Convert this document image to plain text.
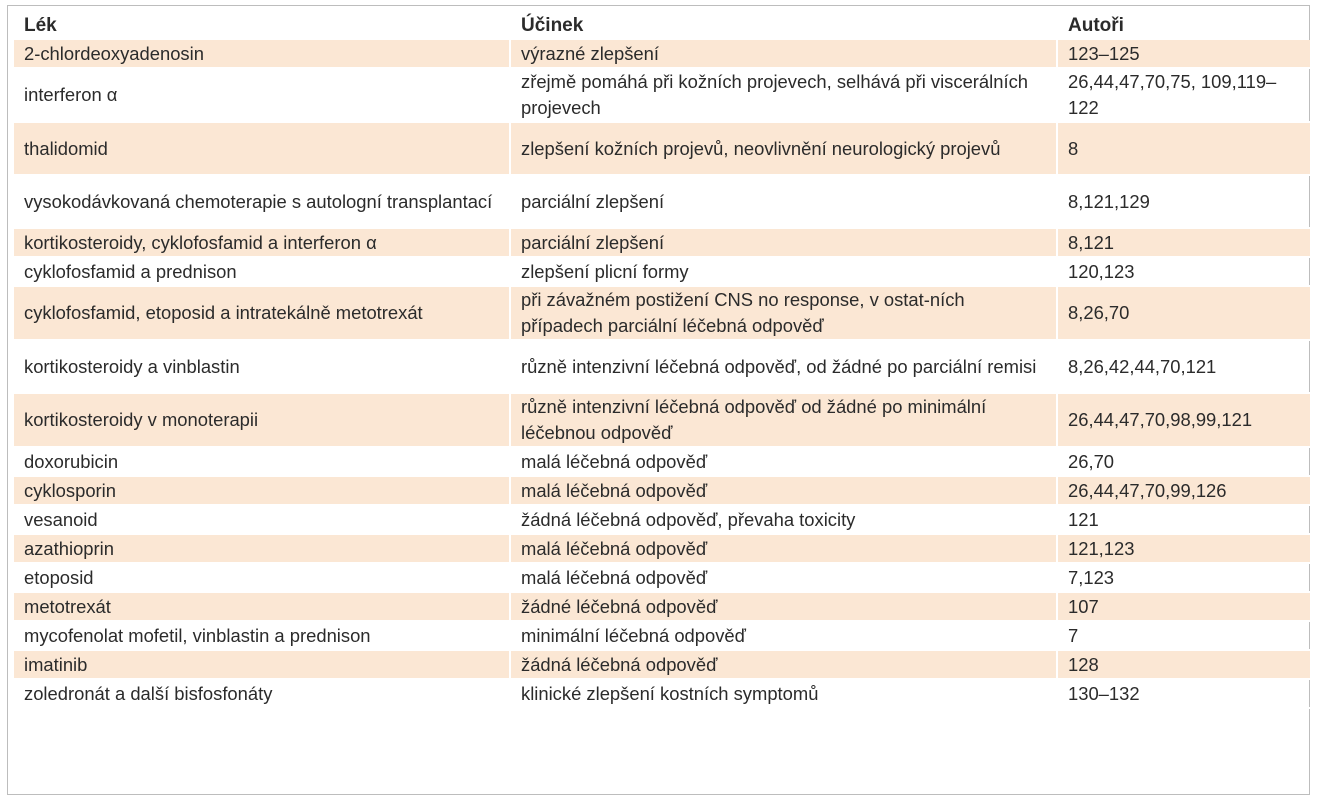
Lék	Účinek	Autoři
2-chlordeoxyadenosin	výrazné zlepšení	123–125
interferon α	zřejmě pomáhá při kožních projevech, selhává při viscerálních projevech	26,44,47,70,75, 109,119–122
thalidomid	zlepšení kožních projevů, neovlivnění neurologický projevů	8
vysokodávkovaná chemoterapie s autologní transplantací	parciální zlepšení	8,121,129
kortikosteroidy, cyklofosfamid a interferon α	parciální zlepšení	8,121
cyklofosfamid a prednison	zlepšení plicní formy	120,123
cyklofosfamid, etoposid a intratekálně metotrexát	při závažném postižení CNS no response, v ostat-ních případech parciální léčebná odpověď	8,26,70
kortikosteroidy a vinblastin	různě intenzivní léčebná odpověď, od žádné po parciální remisi	8,26,42,44,70,121
kortikosteroidy v monoterapii	různě intenzivní léčebná odpověď od žádné po minimální léčebnou odpověď	26,44,47,70,98,99,121
doxorubicin	malá léčebná odpověď	26,70
cyklosporin	malá léčebná odpověď	26,44,47,70,99,126
vesanoid	žádná léčebná odpověď, převaha toxicity	121
azathioprin	malá léčebná odpověď	121,123
etoposid	malá léčebná odpověď	7,123
metotrexát	žádné léčebná odpověď	107
mycofenolat mofetil, vinblastin a prednison	minimální léčebná odpověď	7
imatinib	žádná léčebná odpověď	128
zoledronát a další bisfosfonáty	klinické zlepšení kostních symptomů	130–132
